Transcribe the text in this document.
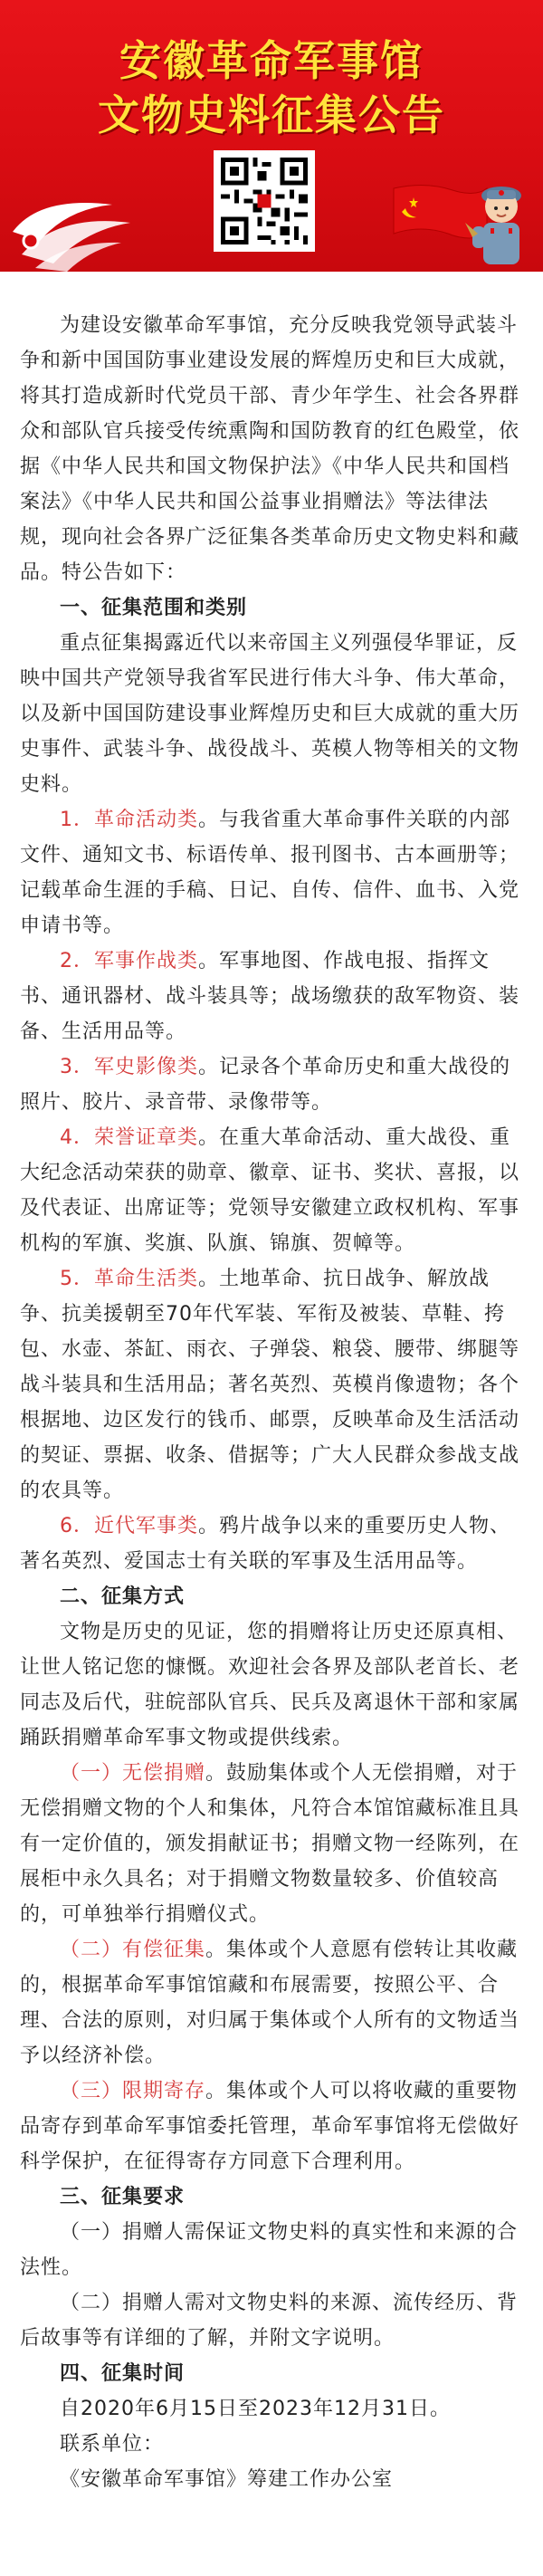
安徽革命军事馆
文物史料征集公告

为建设安徽革命军事馆，充分反映我党领导武装斗争和新中国国防事业建设发展的辉煌历史和巨大成就，将其打造成新时代党员干部、青少年学生、社会各界群众和部队官兵接受传统熏陶和国防教育的红色殿堂，依据《中华人民共和国文物保护法》《中华人民共和国档案法》《中华人民共和国公益事业捐赠法》等法律法规，现向社会各界广泛征集各类革命历史文物史料和藏品。特公告如下：

一、征集范围和类别

重点征集揭露近代以来帝国主义列强侵华罪证，反映中国共产党领导我省军民进行伟大斗争、伟大革命，以及新中国国防建设事业辉煌历史和巨大成就的重大历史事件、武装斗争、战役战斗、英模人物等相关的文物史料。

1．革命活动类。与我省重大革命事件关联的内部文件、通知文书、标语传单、报刊图书、古本画册等；记载革命生涯的手稿、日记、自传、信件、血书、入党申请书等。

2．军事作战类。军事地图、作战电报、指挥文书、通讯器材、战斗装具等；战场缴获的敌军物资、装备、生活用品等。

3．军史影像类。记录各个革命历史和重大战役的照片、胶片、录音带、录像带等。

4．荣誉证章类。在重大革命活动、重大战役、重大纪念活动荣获的勋章、徽章、证书、奖状、喜报，以及代表证、出席证等；党领导安徽建立政权机构、军事机构的军旗、奖旗、队旗、锦旗、贺幛等。

5．革命生活类。土地革命、抗日战争、解放战争、抗美援朝至70年代军装、军衔及被装、草鞋、挎包、水壶、茶缸、雨衣、子弹袋、粮袋、腰带、绑腿等战斗装具和生活用品；著名英烈、英模肖像遗物；各个根据地、边区发行的钱币、邮票，反映革命及生活活动的契证、票据、收条、借据等；广大人民群众参战支战的农具等。

6．近代军事类。鸦片战争以来的重要历史人物、著名英烈、爱国志士有关联的军事及生活用品等。

二、征集方式

文物是历史的见证，您的捐赠将让历史还原真相、让世人铭记您的慷慨。欢迎社会各界及部队老首长、老同志及后代，驻皖部队官兵、民兵及离退休干部和家属踊跃捐赠革命军事文物或提供线索。

（一）无偿捐赠。鼓励集体或个人无偿捐赠，对于无偿捐赠文物的个人和集体，凡符合本馆馆藏标准且具有一定价值的，颁发捐献证书；捐赠文物一经陈列，在展柜中永久具名；对于捐赠文物数量较多、价值较高的，可单独举行捐赠仪式。

（二）有偿征集。集体或个人意愿有偿转让其收藏的，根据革命军事馆馆藏和布展需要，按照公平、合理、合法的原则，对归属于集体或个人所有的文物适当予以经济补偿。

（三）限期寄存。集体或个人可以将收藏的重要物品寄存到革命军事馆委托管理，革命军事馆将无偿做好科学保护，在征得寄存方同意下合理利用。

三、征集要求

（一）捐赠人需保证文物史料的真实性和来源的合法性。

（二）捐赠人需对文物史料的来源、流传经历、背后故事等有详细的了解，并附文字说明。

四、征集时间

自2020年6月15日至2023年12月31日。

联系单位：

《安徽革命军事馆》筹建工作办公室
